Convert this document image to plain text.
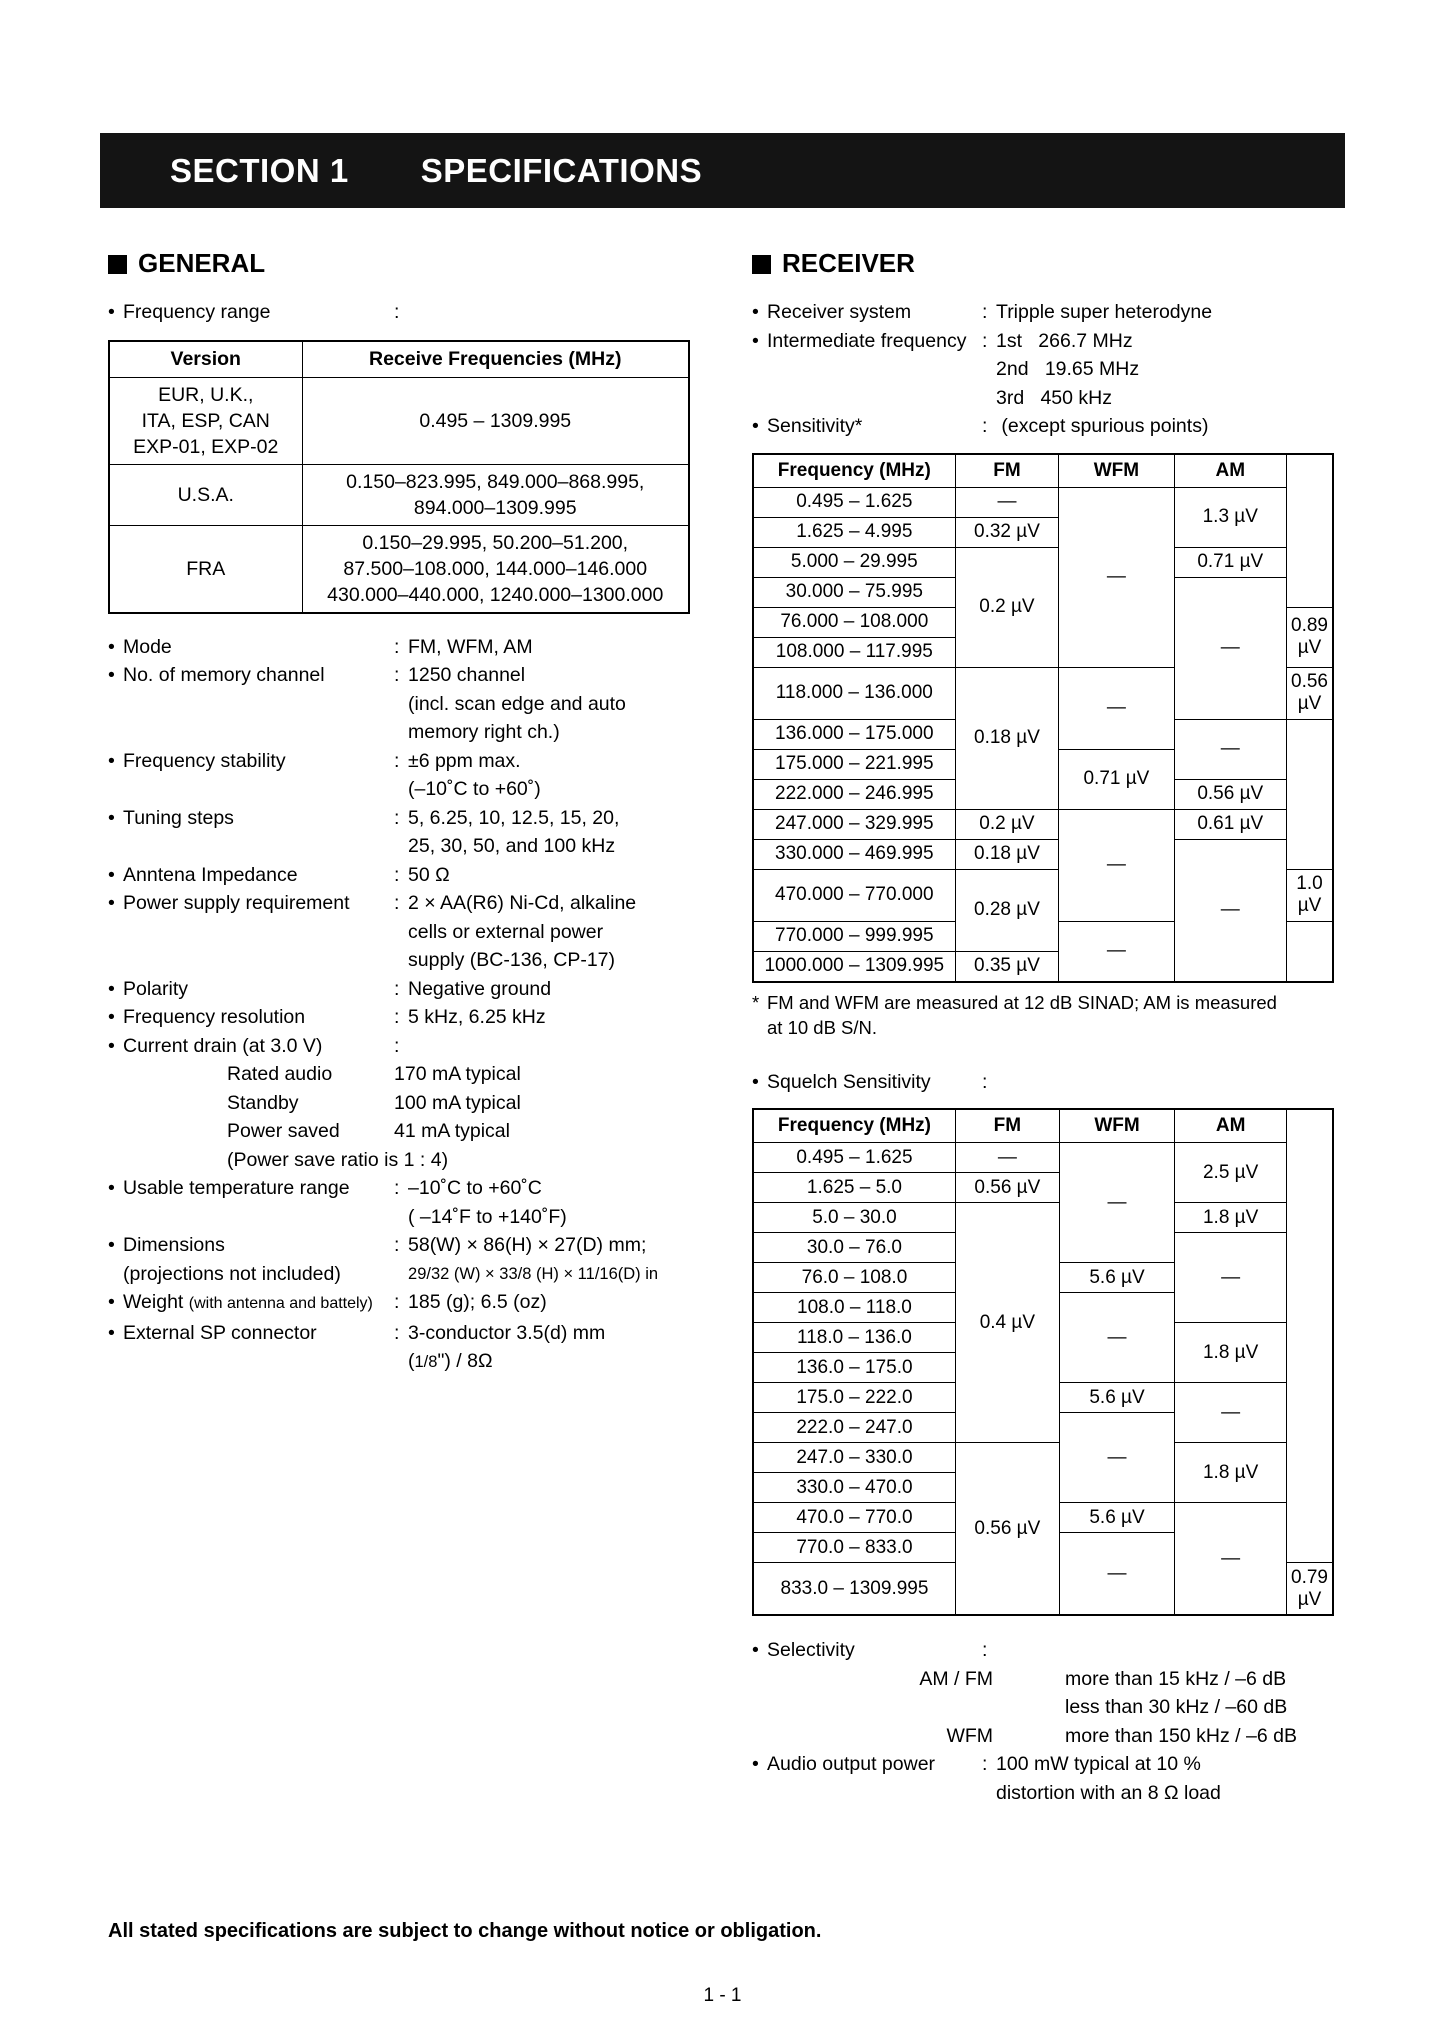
SECTION 1 SPECIFICATIONS
GENERAL
• Frequency range	:
Version	Receive Frequencies (MHz)
EUR, U.K.,
ITA, ESP, CAN
EXP-01, EXP-02	0.495 – 1309.995
U.S.A.	0.150–823.995, 849.000–868.995,
894.000–1309.995
FRA	0.150–29.995, 50.200–51.200,
87.500–108.000, 144.000–146.000
430.000–440.000, 1240.000–1300.000
• Mode	: FM, WFM, AM
• No. of memory channel	: 1250 channel
(incl. scan edge and auto
memory right ch.)
• Frequency stability	: ±6 ppm max.
(–10˚C to +60˚)
• Tuning steps	: 5, 6.25, 10, 12.5, 15, 20,
25, 30, 50, and 100 kHz
• Anntena Impedance	: 50 Ω
• Power supply requirement	: 2 × AA(R6) Ni-Cd, alkaline
cells or external power
supply (BC-136, CP-17)
• Polarity	: Negative ground
• Frequency resolution	: 5 kHz, 6.25 kHz
• Current drain (at 3.0 V)	:
Rated audio	170 mA typical
Standby	100 mA typical
Power saved	41 mA typical
(Power save ratio is 1 : 4)
• Usable temperature range	: –10˚C to +60˚C
( –14˚F to +140˚F)
• Dimensions
(projections not included)
: 58(W) × 86(H) × 27(D) mm;
29/32 (W) × 33/8 (H) × 11/16(D) in
• Weight (with antenna and battely)	: 185 (g); 6.5 (oz)
• External SP connector	: 3-conductor 3.5(d) mm
(1/8") / 8Ω
RECEIVER
• Receiver system	: Tripple super heterodyne
• Intermediate frequency : 1st 266.7 MHz
2nd 19.65 MHz
3rd 450 kHz
• Sensitivity*	: (except spurious points)
Frequency (MHz)	FM	WFM	AM	
0.495 – 1.625	—	—	1.3 µV	
1.625 – 4.995	0.32 µV			
5.000 – 29.995	0.2 µV		0.71 µV	
30.000 – 75.995			—	
76.000 – 108.000				0.89 µV
108.000 – 117.995				
118.000 – 136.000	0.18 µV	—		0.56 µV
136.000 – 175.000			—	
175.000 – 221.995		0.71 µV		
222.000 – 246.995			0.56 µV	
247.000 – 329.995	0.2 µV	—	0.61 µV	
330.000 – 469.995	0.18 µV		—	
470.000 – 770.000	0.28 µV			1.0 µV
770.000 – 999.995		—		
1000.000 – 1309.995	0.35 µV			
* FM and WFM are measured at 12 dB SINAD; AM is measured
at 10 dB S/N.
• Squelch Sensitivity	:
Frequency (MHz)	FM	WFM	AM	
0.495 – 1.625	—	—	2.5 µV	
1.625 – 5.0	0.56 µV			
5.0 – 30.0	0.4 µV		1.8 µV	
30.0 – 76.0			—	
76.0 – 108.0		5.6 µV		
108.0 – 118.0		—		
118.0 – 136.0			1.8 µV	
136.0 – 175.0				
175.0 – 222.0		5.6 µV	—	
222.0 – 247.0		—		
247.0 – 330.0	0.56 µV		1.8 µV	
330.0 – 470.0				
470.0 – 770.0		5.6 µV	—	
770.0 – 833.0		—		
833.0 – 1309.995				0.79 µV
• Selectivity	:
AM / FM	more than 15 kHz / –6 dB
less than 30 kHz / –60 dB
WFM	more than 150 kHz / –6 dB
• Audio output power	: 100 mW typical at 10 %
distortion with an 8 Ω load
All stated specifications are subject to change without notice or obligation.
1 - 1
